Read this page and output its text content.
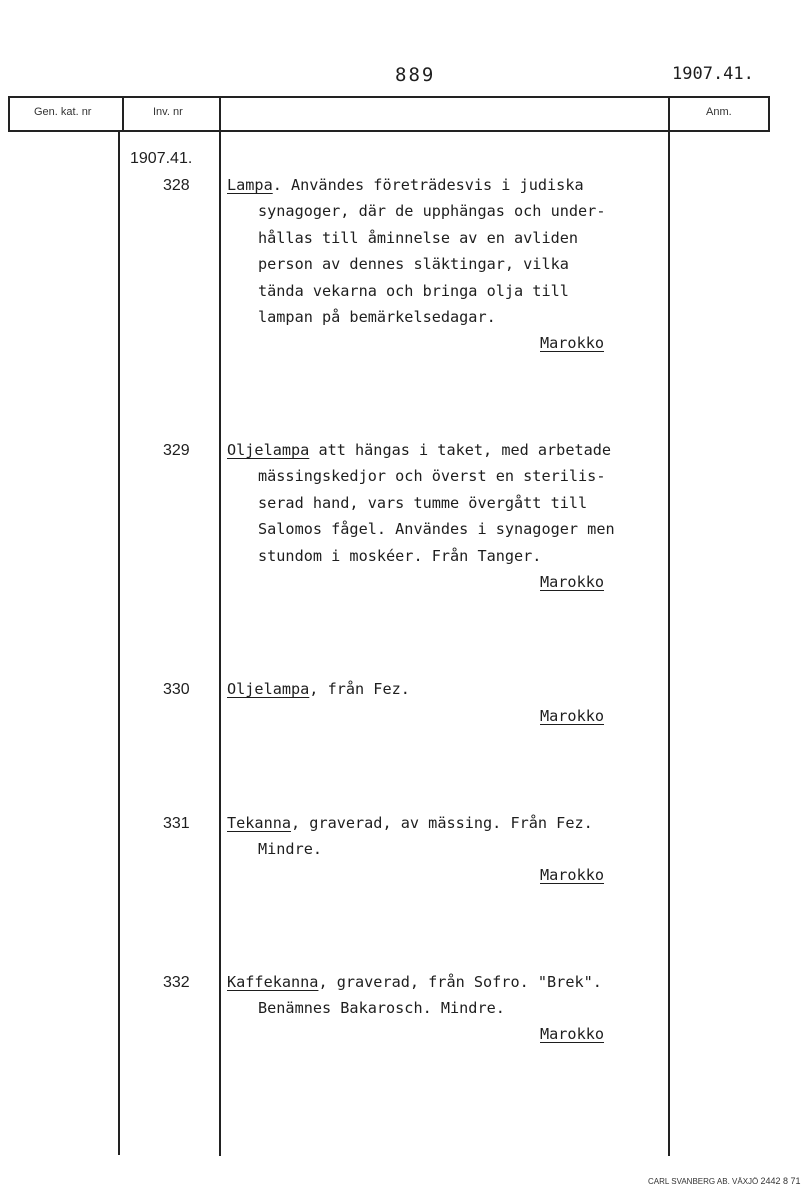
889	1907.41.
Gen. kat. nr	Inv. nr	Anm.
1907.41.
328 Lampa. Användes företrädesvis i judiska
synagoger, där de upphängas och under-
hållas till åminnelse av en avliden
person av dennes släktingar, vilka
tända vekarna och bringa olja till
lampan på bemärkelsedagar.
Marokko
329 Oljelampa att hängas i taket, med arbetade
mässingskedjor och överst en sterilis-
serad hand, vars tumme övergått till
Salomos fågel. Användes i synagoger men
stundom i moskéer. Från Tanger.
Marokko
330 Oljelampa, från Fez.
Marokko
331 Tekanna, graverad, av mässing. Från Fez.
Mindre.
Marokko
332 Kaffekanna, graverad, från Sofro. "Brek".
Benämnes Bakarosch. Mindre.
Marokko
CARL SVANBERG AB. VÄXJÖ 2442 8 71
